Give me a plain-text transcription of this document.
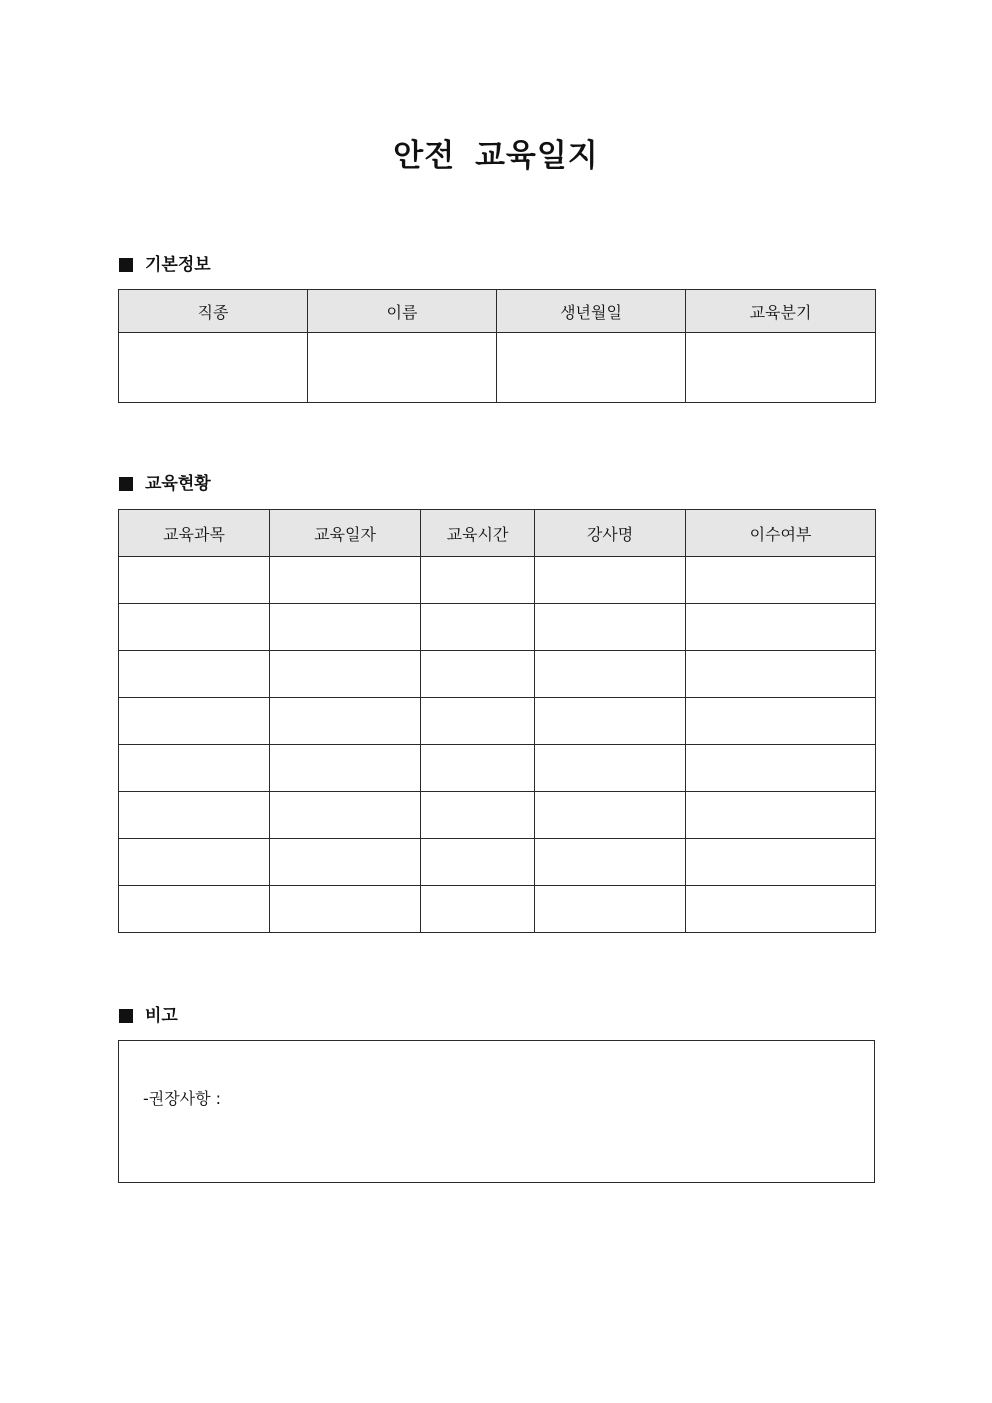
안전 교육일지
기본정보
직종	이름	생년월일	교육분기

교육현황
교육과목	교육일자	교육시간	강사명	이수여부

비고
-권장사항 :
